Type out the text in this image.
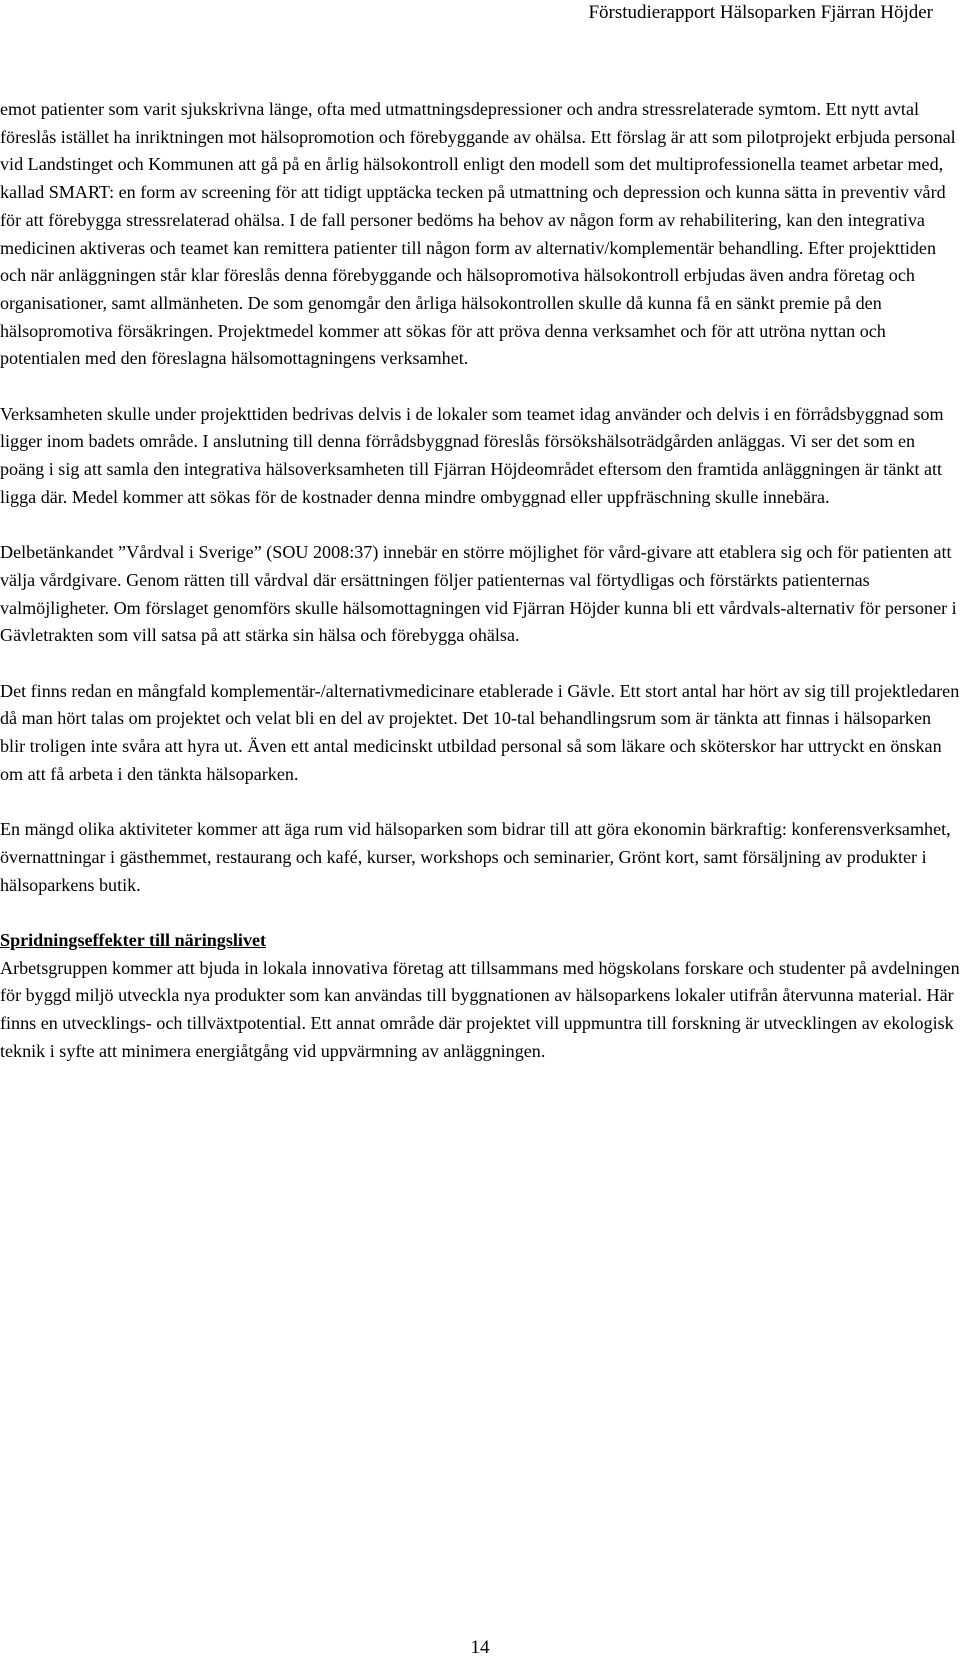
Förstudierapport Hälsoparken Fjärran Höjder

emot patienter som varit sjukskrivna länge, ofta med utmattningsdepressioner och andra stressrelaterade symtom. Ett nytt avtal föreslås istället ha inriktningen mot hälsopromotion och förebyggande av ohälsa. Ett förslag är att som pilotprojekt erbjuda personal vid Landstinget och Kommunen att gå på en årlig hälsokontroll enligt den modell som det multiprofessionella teamet arbetar med, kallad SMART: en form av screening för att tidigt upptäcka tecken på utmattning och depression och kunna sätta in preventiv vård för att förebygga stressrelaterad ohälsa. I de fall personer bedöms ha behov av någon form av rehabilitering, kan den integrativa medicinen aktiveras och teamet kan remittera patienter till någon form av alternativ/komplementär behandling. Efter projekttiden och när anläggningen står klar föreslås denna förebyggande och hälsopromotiva hälsokontroll erbjudas även andra företag och organisationer, samt allmänheten. De som genomgår den årliga hälsokontrollen skulle då kunna få en sänkt premie på den hälsopromotiva försäkringen. Projektmedel kommer att sökas för att pröva denna verksamhet och för att utröna nyttan och potentialen med den föreslagna hälsomottagningens verksamhet.

Verksamheten skulle under projekttiden bedrivas delvis i de lokaler som teamet idag använder och delvis i en förrådsbyggnad som ligger inom badets område. I anslutning till denna förrådsbyggnad föreslås försökshälsoträdgården anläggas. Vi ser det som en poäng i sig att samla den integrativa hälsoverksamheten till Fjärran Höjdeområdet eftersom den framtida anläggningen är tänkt att ligga där. Medel kommer att sökas för de kostnader denna mindre ombyggnad eller uppfräschning skulle innebära.

Delbetänkandet ”Vårdval i Sverige” (SOU 2008:37) innebär en större möjlighet för vård-givare att etablera sig och för patienten att välja vårdgivare. Genom rätten till vårdval där ersättningen följer patienternas val förtydligas och förstärkts patienternas valmöjligheter. Om förslaget genomförs skulle hälsomottagningen vid Fjärran Höjder kunna bli ett vårdvals-alternativ för personer i Gävletrakten som vill satsa på att stärka sin hälsa och förebygga ohälsa.

Det finns redan en mångfald komplementär-/alternativmedicinare etablerade i Gävle. Ett stort antal har hört av sig till projektledaren då man hört talas om projektet och velat bli en del av projektet. Det 10-tal behandlingsrum som är tänkta att finnas i hälsoparken blir troligen inte svåra att hyra ut. Även ett antal medicinskt utbildad personal så som läkare och sköterskor har uttryckt en önskan om att få arbeta i den tänkta hälsoparken.

En mängd olika aktiviteter kommer att äga rum vid hälsoparken som bidrar till att göra ekonomin bärkraftig: konferensverksamhet, övernattningar i gästhemmet, restaurang och kafé, kurser, workshops och seminarier, Grönt kort, samt försäljning av produkter i hälsoparkens butik.

Spridningseffekter till näringslivet

Arbetsgruppen kommer att bjuda in lokala innovativa företag att tillsammans med högskolans forskare och studenter på avdelningen för byggd miljö utveckla nya produkter som kan användas till byggnationen av hälsoparkens lokaler utifrån återvunna material. Här finns en utvecklings- och tillväxtpotential. Ett annat område där projektet vill uppmuntra till forskning är utvecklingen av ekologisk teknik i syfte att minimera energiåtgång vid uppvärmning av anläggningen.

14
